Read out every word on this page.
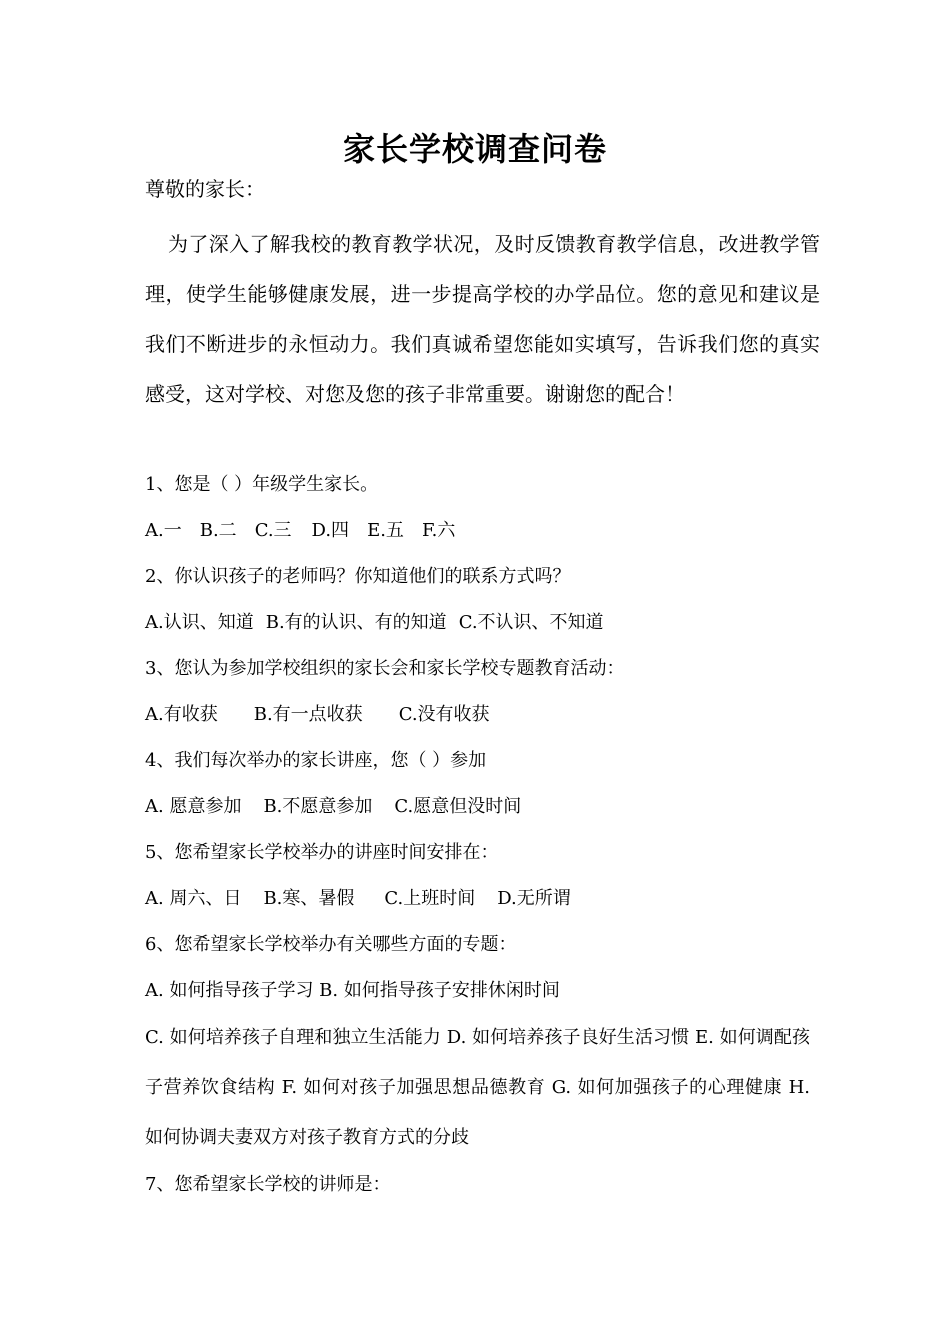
家长学校调查问卷
尊敬的家长：
为了深入了解我校的教育教学状况，及时反馈教育教学信息，改进教学管理，使学生能够健康发展，进一步提高学校的办学品位。您的意见和建议是我们不断进步的永恒动力。我们真诚希望您能如实填写，告诉我们您的真实感受，这对学校、对您及您的孩子非常重要。谢谢您的配合！
1、您是（ ）年级学生家长。
A.一 B.二 C.三 D.四 E.五 F.六
2、你认识孩子的老师吗？你知道他们的联系方式吗？
A.认识、知道 B.有的认识、有的知道 C.不认识、不知道
3、您认为参加学校组织的家长会和家长学校专题教育活动：
A.有收获 B.有一点收获 C.没有收获
4、我们每次举办的家长讲座，您（ ）参加
A. 愿意参加 B.不愿意参加 C.愿意但没时间
5、您希望家长学校举办的讲座时间安排在：
A. 周六、日 B.寒、暑假 C.上班时间 D.无所谓
6、您希望家长学校举办有关哪些方面的专题：
A. 如何指导孩子学习 B. 如何指导孩子安排休闲时间
C. 如何培养孩子自理和独立生活能力 D. 如何培养孩子良好生活习惯 E. 如何调配孩子营养饮食结构 F. 如何对孩子加强思想品德教育 G. 如何加强孩子的心理健康 H. 如何协调夫妻双方对孩子教育方式的分歧
7、您希望家长学校的讲师是：
